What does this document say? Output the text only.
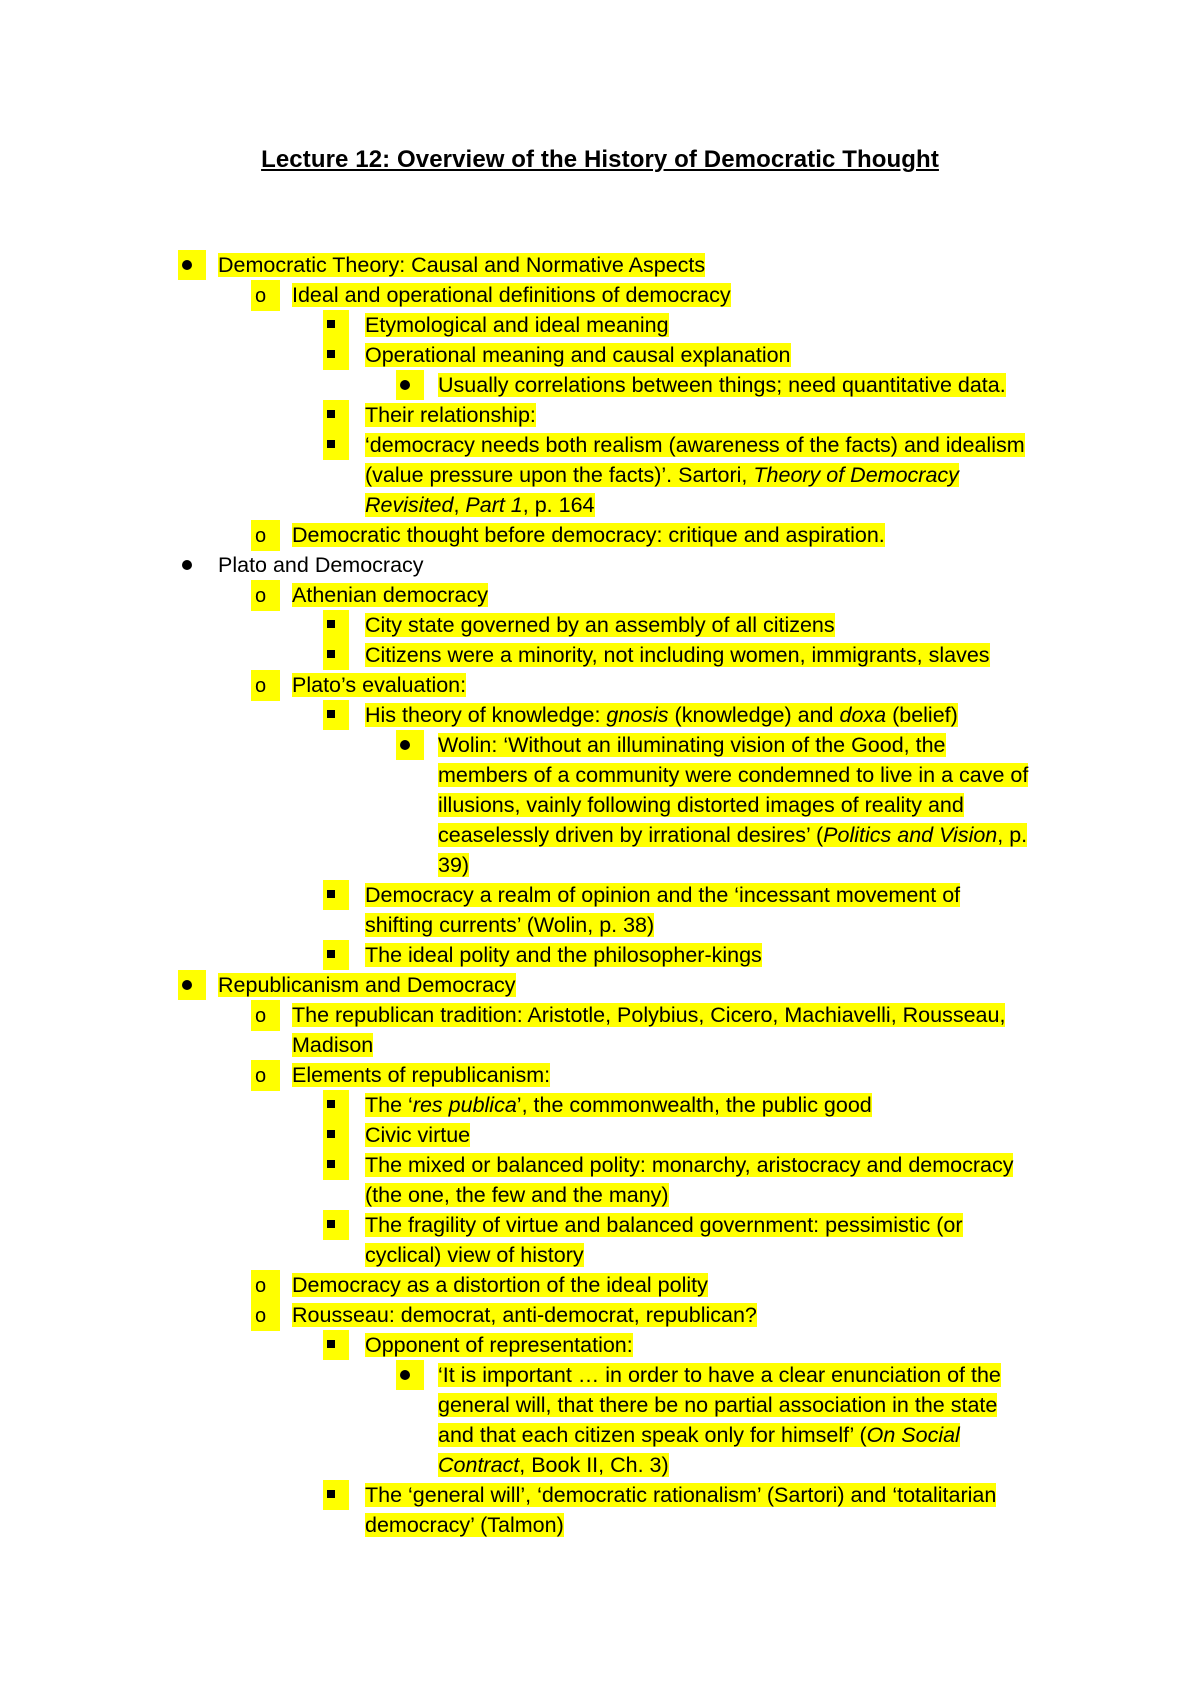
Lecture 12: Overview of the History of Democratic Thought
Democratic Theory: Causal and Normative Aspects
o	Ideal and operational definitions of democracy
Etymological and ideal meaning
Operational meaning and causal explanation
Usually correlations between things; need quantitative data.
Their relationship:
‘democracy needs both realism (awareness of the facts) and idealism
(value pressure upon the facts)’. Sartori, Theory of Democracy
Revisited, Part 1, p. 164
o	Democratic thought before democracy: critique and aspiration.
Plato and Democracy
o	Athenian democracy
City state governed by an assembly of all citizens
Citizens were a minority, not including women, immigrants, slaves
o	Plato’s evaluation:
His theory of knowledge: gnosis (knowledge) and doxa (belief)
Wolin: ‘Without an illuminating vision of the Good, the
members of a community were condemned to live in a cave of
illusions, vainly following distorted images of reality and
ceaselessly driven by irrational desires’ (Politics and Vision, p.
39)
Democracy a realm of opinion and the ‘incessant movement of
shifting currents’ (Wolin, p. 38)
The ideal polity and the philosopher-kings
Republicanism and Democracy
o	The republican tradition: Aristotle, Polybius, Cicero, Machiavelli, Rousseau,
Madison
o	Elements of republicanism:
The ‘res publica’, the commonwealth, the public good
Civic virtue
The mixed or balanced polity: monarchy, aristocracy and democracy
(the one, the few and the many)
The fragility of virtue and balanced government: pessimistic (or
cyclical) view of history
o	Democracy as a distortion of the ideal polity
o	Rousseau: democrat, anti-democrat, republican?
Opponent of representation:
‘It is important … in order to have a clear enunciation of the
general will, that there be no partial association in the state
and that each citizen speak only for himself’ (On Social
Contract, Book II, Ch. 3)
The ‘general will’, ‘democratic rationalism’ (Sartori) and ‘totalitarian
democracy’ (Talmon)
